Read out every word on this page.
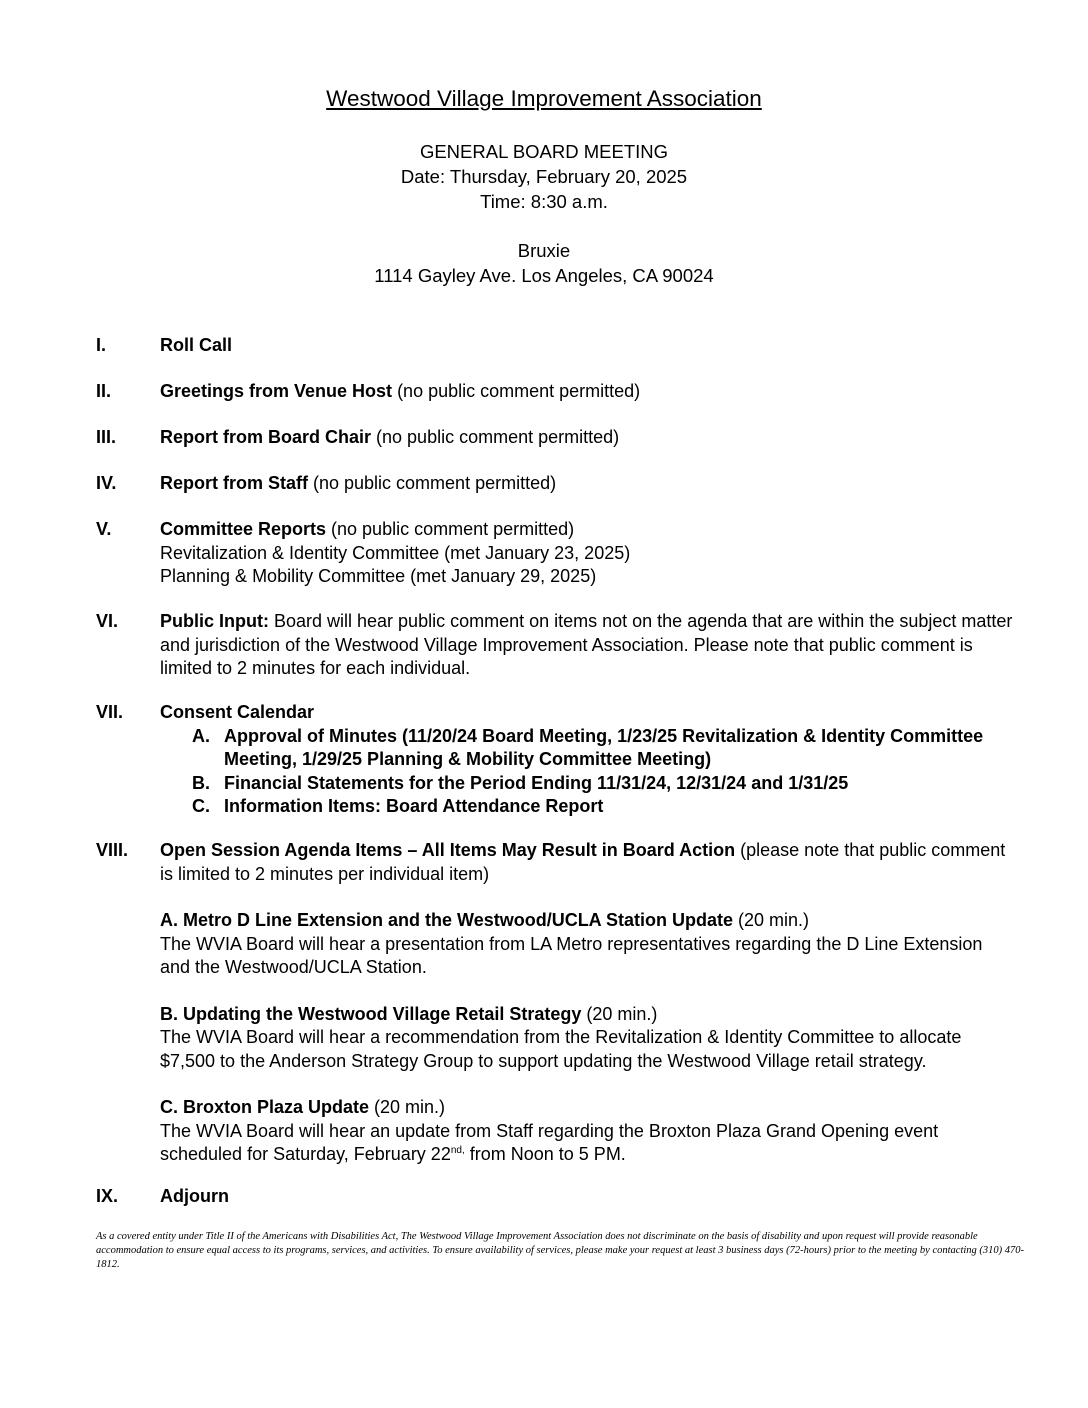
Westwood Village Improvement Association
GENERAL BOARD MEETING
Date: Thursday, February 20, 2025
Time: 8:30 a.m.
Bruxie
1114 Gayley Ave. Los Angeles, CA 90024
I.	Roll Call
II.	Greetings from Venue Host (no public comment permitted)
III. Report from Board Chair (no public comment permitted)
IV. Report from Staff (no public comment permitted)
V.	Committee Reports (no public comment permitted)
Revitalization & Identity Committee (met January 23, 2025)
Planning & Mobility Committee (met January 29, 2025)
VI. Public Input: Board will hear public comment on items not on the agenda that are within the subject matter and jurisdiction of the Westwood Village Improvement Association. Please note that public comment is limited to 2 minutes for each individual.
VII. Consent Calendar
A. Approval of Minutes (11/20/24 Board Meeting, 1/23/25 Revitalization & Identity Committee Meeting, 1/29/25 Planning & Mobility Committee Meeting)
B. Financial Statements for the Period Ending 11/31/24, 12/31/24 and 1/31/25
C. Information Items: Board Attendance Report
VIII. Open Session Agenda Items – All Items May Result in Board Action (please note that public comment is limited to 2 minutes per individual item)
A. Metro D Line Extension and the Westwood/UCLA Station Update (20 min.)
The WVIA Board will hear a presentation from LA Metro representatives regarding the D Line Extension and the Westwood/UCLA Station.
B. Updating the Westwood Village Retail Strategy (20 min.)
The WVIA Board will hear a recommendation from the Revitalization & Identity Committee to allocate $7,500 to the Anderson Strategy Group to support updating the Westwood Village retail strategy.
C. Broxton Plaza Update (20 min.)
The WVIA Board will hear an update from Staff regarding the Broxton Plaza Grand Opening event scheduled for Saturday, February $22^{nd,}$ from Noon to 5 PM.
IX. Adjourn
As a covered entity under Title II of the Americans with Disabilities Act, The Westwood Village Improvement Association does not discriminate on the basis of disability and upon request will provide reasonable accommodation to ensure equal access to its programs, services, and activities. To ensure availability of services, please make your request at least 3 business days (72-hours) prior to the meeting by contacting (310) 470-1812.
